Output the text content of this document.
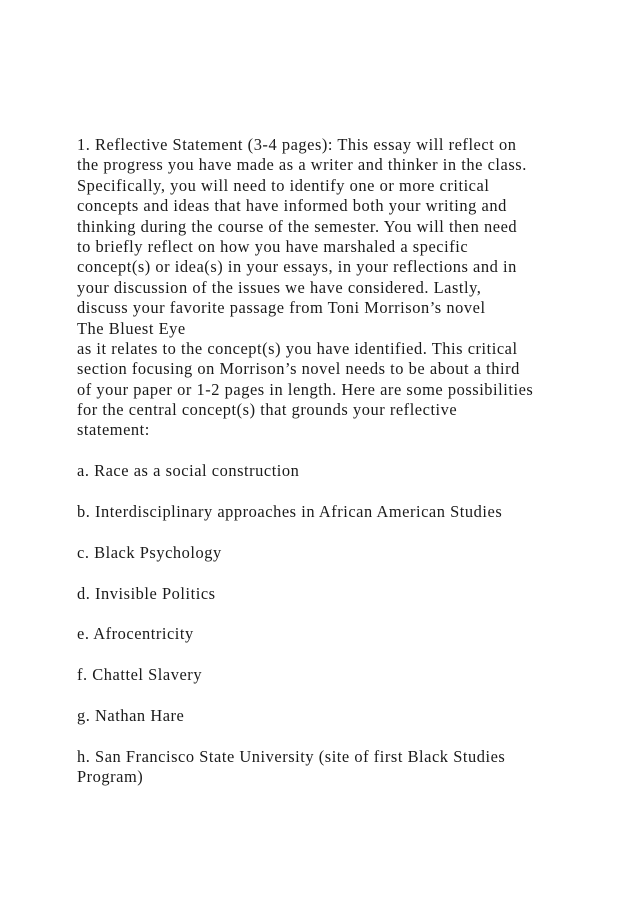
1. Reflective Statement (3-4 pages): This essay will reflect on
the progress you have made as a writer and thinker in the class.
Specifically, you will need to identify one or more critical
concepts and ideas that have informed both your writing and
thinking during the course of the semester. You will then need
to briefly reflect on how you have marshaled a specific
concept(s) or idea(s) in your essays, in your reflections and in
your discussion of the issues we have considered. Lastly,
discuss your favorite passage from Toni Morrison’s novel
The Bluest Eye
as it relates to the concept(s) you have identified. This critical
section focusing on Morrison’s novel needs to be about a third
of your paper or 1-2 pages in length. Here are some possibilities
for the central concept(s) that grounds your reflective
statement:
a. Race as a social construction
b. Interdisciplinary approaches in African American Studies
c. Black Psychology
d. Invisible Politics
e. Afrocentricity
f. Chattel Slavery
g. Nathan Hare
h. San Francisco State University (site of first Black Studies
Program)
